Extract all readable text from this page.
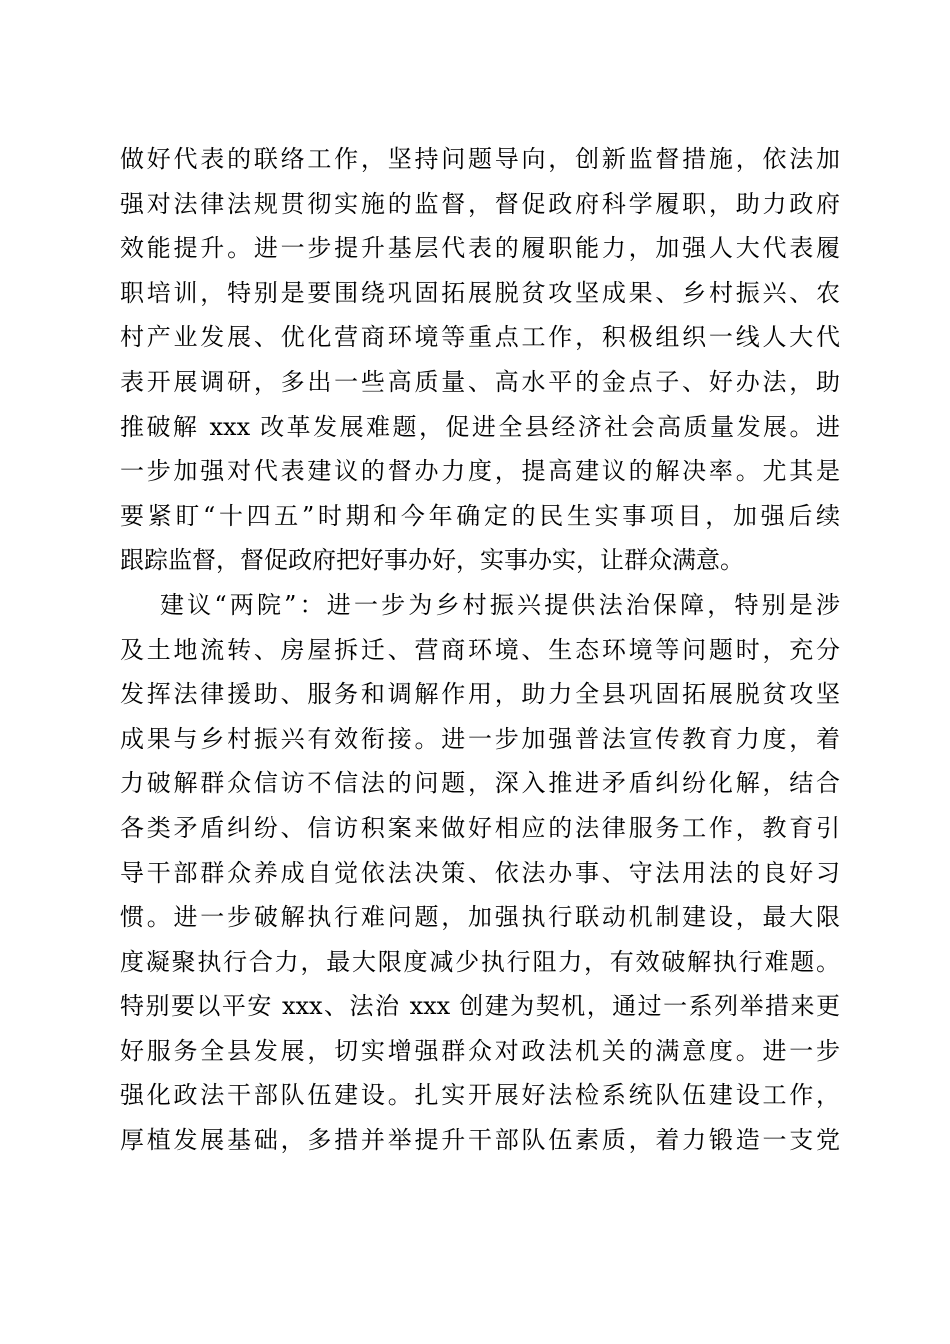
做好代表的联络工作，坚持问题导向，创新监督措施，依法加
强对法律法规贯彻实施的监督，督促政府科学履职，助力政府
效能提升。进一步提升基层代表的履职能力，加强人大代表履
职培训，特别是要围绕巩固拓展脱贫攻坚成果、乡村振兴、农
村产业发展、优化营商环境等重点工作，积极组织一线人大代
表开展调研，多出一些高质量、高水平的金点子、好办法，助
推破解 xxx 改革发展难题，促进全县经济社会高质量发展。进
一步加强对代表建议的督办力度，提高建议的解决率。尤其是
要紧盯“十四五”时期和今年确定的民生实事项目，加强后续
跟踪监督，督促政府把好事办好，实事办实，让群众满意。
建议“两院”：进一步为乡村振兴提供法治保障，特别是涉
及土地流转、房屋拆迁、营商环境、生态环境等问题时，充分
发挥法律援助、服务和调解作用，助力全县巩固拓展脱贫攻坚
成果与乡村振兴有效衔接。进一步加强普法宣传教育力度，着
力破解群众信访不信法的问题，深入推进矛盾纠纷化解，结合
各类矛盾纠纷、信访积案来做好相应的法律服务工作，教育引
导干部群众养成自觉依法决策、依法办事、守法用法的良好习
惯。进一步破解执行难问题，加强执行联动机制建设，最大限
度凝聚执行合力，最大限度减少执行阻力，有效破解执行难题。
特别要以平安 xxx、法治 xxx 创建为契机，通过一系列举措来更
好服务全县发展，切实增强群众对政法机关的满意度。进一步
强化政法干部队伍建设。扎实开展好法检系统队伍建设工作，
厚植发展基础，多措并举提升干部队伍素质，着力锻造一支党
